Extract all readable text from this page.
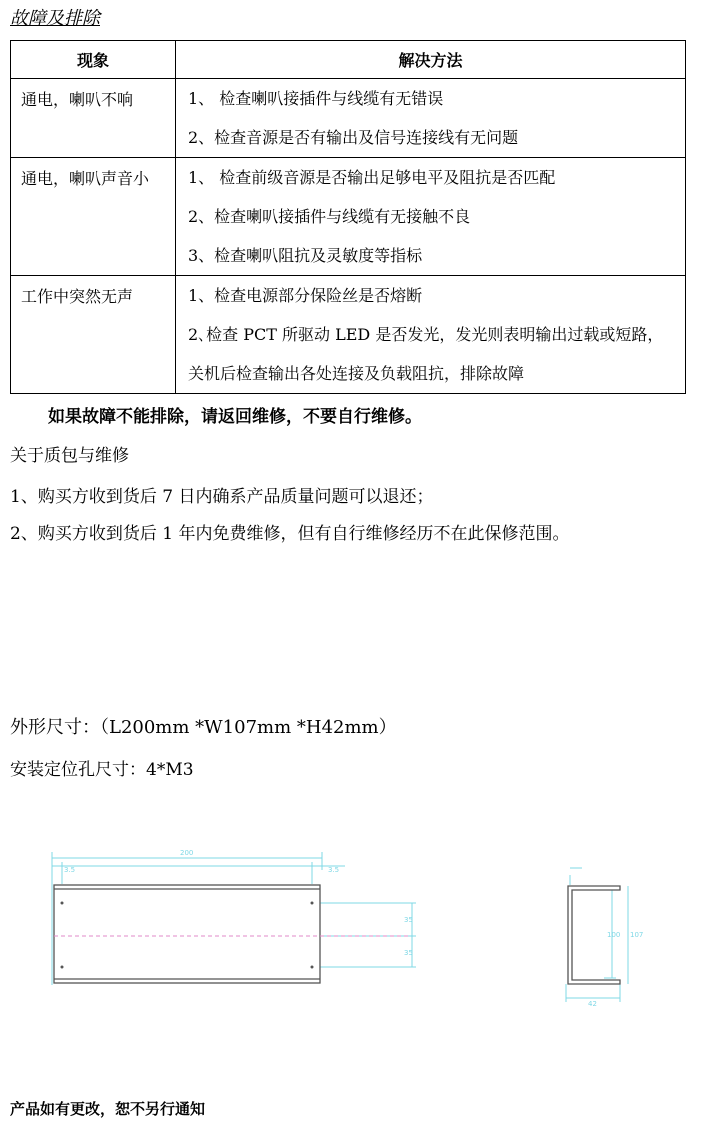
故障及排除
现象	解决方法
通电，喇叭不响	1、 检查喇叭接插件与线缆有无错误
2、检查音源是否有输出及信号连接线有无问题

通电，喇叭声音小	1、 检查前级音源是否输出足够电平及阻抗是否匹配
2、检查喇叭接插件与线缆有无接触不良
3、检查喇叭阻抗及灵敏度等指标

工作中突然无声	1、检查电源部分保险丝是否熔断
2､检查 PCT 所驱动 LED 是否发光，发光则表明输出过载或短路，
关机后检查输出各处连接及负载阻抗，排除故障
如果故障不能排除，请返回维修，不要自行维修。
关于质包与维修
1、购买方收到货后 7 日内确系产品质量问题可以退还；
2、购买方收到货后 1 年内免费维修，但有自行维修经历不在此保修范围。
外形尺寸：（L200mm *W107mm *H42mm）
安装定位孔尺寸：4*M3
200
3.5	3.5
35
35
100 107
42
产品如有更改，恕不另行通知
